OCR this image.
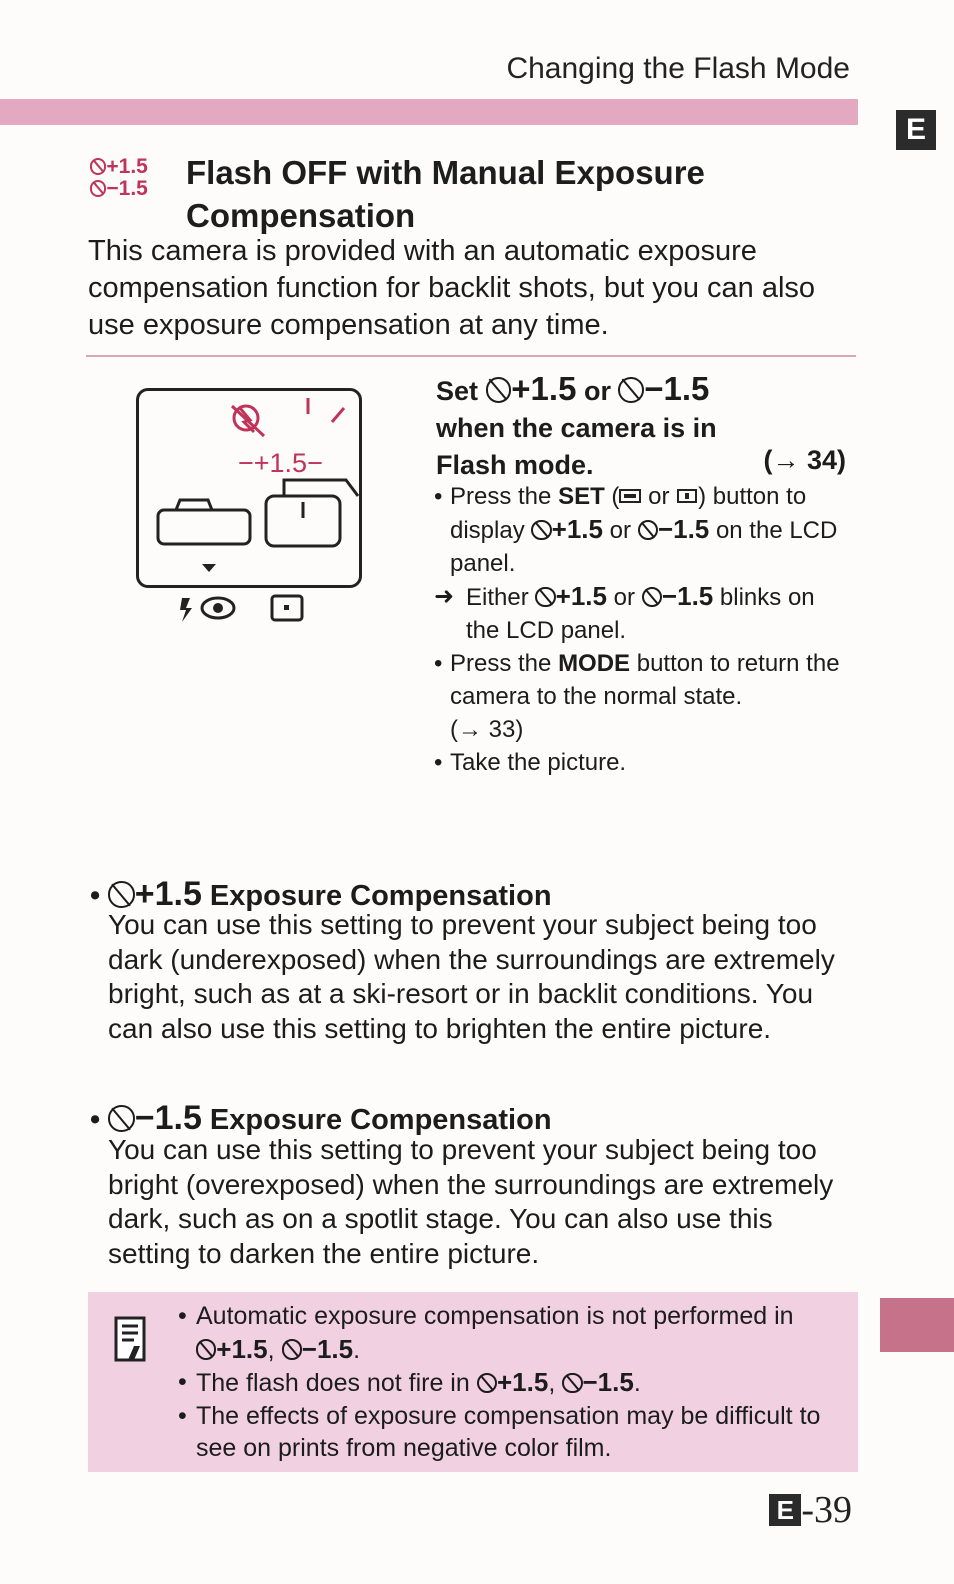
Changing the Flash Mode
E
+1.5
−1.5 Flash OFF with Manual Exposure
Compensation
This camera is provided with an automatic exposure compensation function for backlit shots, but you can also use exposure compensation at any time.
−+1.5−
Set +1.5 or −1.5
when the camera is in
Flash mode.	(→ 34)
• Press the SET ( or ) button to display +1.5 or −1.5 on the LCD panel.
➜ Either +1.5 or −1.5 blinks on the LCD panel.
• Press the MODE button to return the camera to the normal state.
(→ 33)
• Take the picture.
• +1.5 Exposure Compensation
You can use this setting to prevent your subject being too dark (underexposed) when the surroundings are extremely bright, such as at a ski-resort or in backlit conditions. You can also use this setting to brighten the entire picture.
• −1.5 Exposure Compensation
You can use this setting to prevent your subject being too bright (overexposed) when the surroundings are extremely dark, such as on a spotlit stage. You can also use this setting to darken the entire picture.
• Automatic exposure compensation is not performed in
+1.5, −1.5.
• The flash does not fire in +1.5, −1.5.
• The effects of exposure compensation may be difficult to see on prints from negative color film.
E -39
